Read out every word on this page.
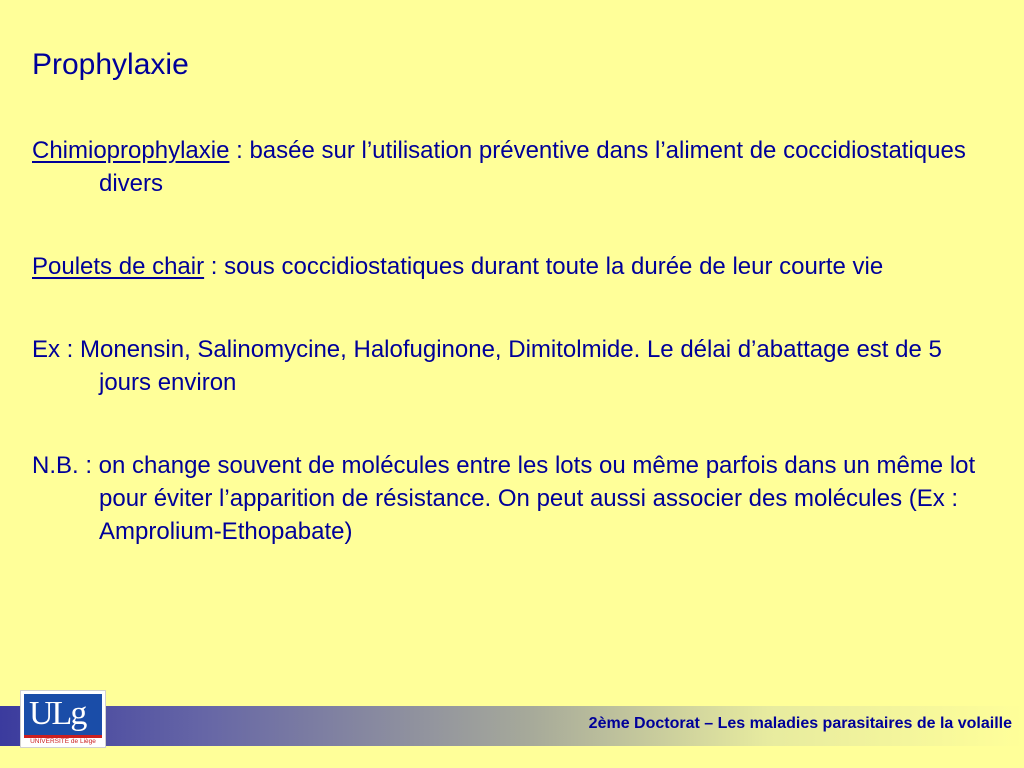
Prophylaxie

Chimioprophylaxie : basée sur l’utilisation préventive dans l’aliment de coccidiostatiques divers

Poulets de chair : sous coccidiostatiques durant toute la durée de leur courte vie

Ex : Monensin, Salinomycine, Halofuginone, Dimitolmide. Le délai d’abattage est de 5 jours environ

N.B. : on change souvent de molécules entre les lots ou même parfois dans un même lot pour éviter l’apparition de résistance. On peut aussi associer des molécules (Ex : Amprolium-Ethopabate)

2ème Doctorat – Les maladies parasitaires de la volaille
ULg
UNIVERSITÉ de Liège
